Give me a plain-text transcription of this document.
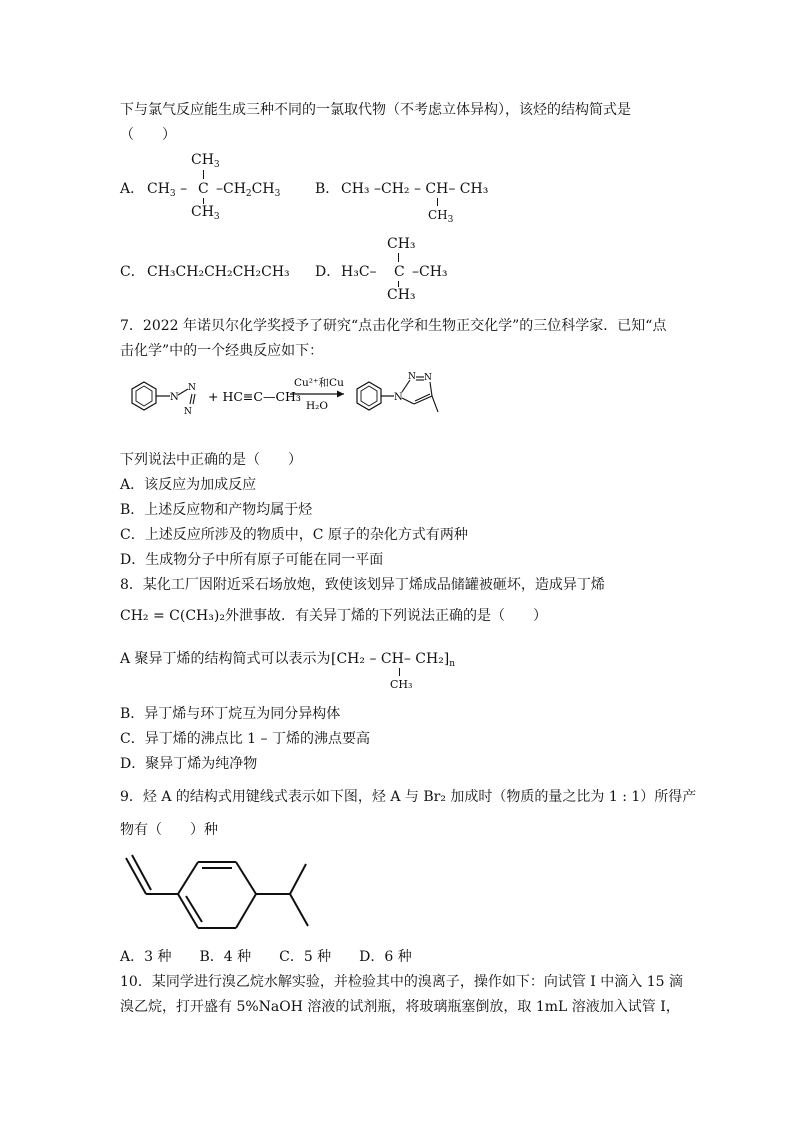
下与氯气反应能生成三种不同的一氯取代物（不考虑立体异构），该烃的结构简式是
（　　）
A．
$CH_3$
$CH_3$ – C $-CH_2CH_3$
$CH_3$
B． CH₃ –CH₂ – CH– CH₃
$CH_3$
C． CH₃CH₂CH₂CH₂CH₃ D．
CH₃
H₃C– C –CH₃
CH₃
7．2022 年诺贝尔化学奖授予了研究“点击化学和生物正交化学”的三位科学家．已知“点
击化学”中的一个经典反应如下：
N
N
N
+ HC≡C—CH₃
Cu²⁺和Cu
H₂O
N
N N
下列说法中正确的是（　　）
A．该反应为加成反应
B．上述反应物和产物均属于烃
C．上述反应所涉及的物质中，C 原子的杂化方式有两种
D．生成物分子中所有原子可能在同一平面
8．某化工厂因附近采石场放炮，致使该划异丁烯成品储罐被砸坏，造成异丁烯
CH₂ = C(CH₃)₂外泄事故．有关异丁烯的下列说法正确的是（　　）
A 聚异丁烯的结构简式可以表示为 [CH₂ – CH– $CH_2]_n$
CH₃
B．异丁烯与环丁烷互为同分异构体
C．异丁烯的沸点比 1 – 丁烯的沸点要高
D．聚异丁烯为纯净物
9．烃 A 的结构式用键线式表示如下图，烃 A 与 Br₂ 加成时（物质的量之比为 1 : 1）所得产
物有（　　）种
A．3 种　　B．4 种　　C．5 种　　D．6 种
10．某同学进行溴乙烷水解实验，并检验其中的溴离子，操作如下：向试管 I 中滴入 15 滴
溴乙烷，打开盛有 5%NaOH 溶液的试剂瓶，将玻璃瓶塞倒放，取 1mL 溶液加入试管 I，
